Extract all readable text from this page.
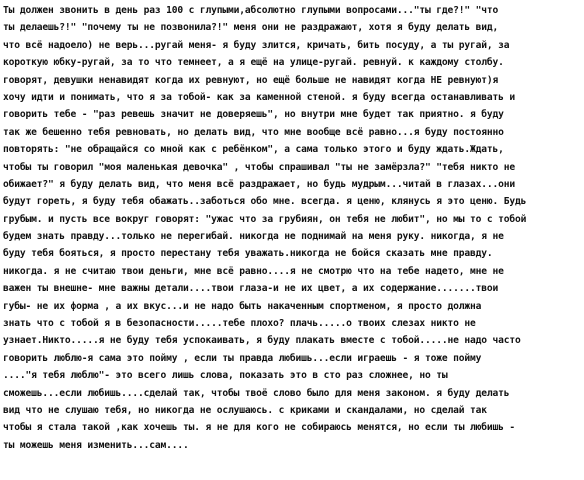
Ты должен звонить в день раз 100 с глупыми,абсолютно глупыми вопросами..."ты где?!" "что
ты делаешь?!" "почему ты не позвонила?!" меня они не раздражают, хотя я буду делать вид,
что всё надоело) не верь...ругай меня- я буду злится, кричать, бить посуду, а ты ругай, за
короткую юбку-ругай, за то что темнеет, а я ещё на улице-ругай. ревнуй. к каждому столбу.
говорят, девушки ненавидят когда их ревнуют, но ещё больше не навидят когда НЕ ревнуют)я
хочу идти и понимать, что я за тобой- как за каменной стеной. я буду всегда останавливать и
говорить тебе - "раз ревешь значит не доверяешь", но внутри мне будет так приятно. я буду
так же бешенно тебя ревновать, но делать вид, что мне вообще всё равно...я буду постоянно
повторять: "не обращайся со мной как с ребёнком", а сама только этого и буду ждать.Ждать,
чтобы ты говорил "моя маленькая девочка" , чтобы спрашивал "ты не замёрзла?" "тебя никто не
обижает?" я буду делать вид, что меня всё раздражает, но будь мудрым...читай в глазах...они
будут гореть, я буду тебя обажать..заботься обо мне. всегда. я ценю, клянусь я это ценю. Будь
грубым. и пусть все вокруг говорят: "ужас что за грубиян, он тебя не любит", но мы то с тобой
будем знать правду...только не перегибай. никогда не поднимай на меня руку. никогда, я не
буду тебя бояться, я просто перестану тебя уважать.никогда не бойся сказать мне правду.
никогда. я не считаю твои деньги, мне всё равно....я не смотрю что на тебе надето, мне не
важен ты внешне- мне важны детали....твои глаза-и не их цвет, а их содержание.......твои
губы- не их форма , а их вкус...и не надо быть накаченным спортменом, я просто должна
знать что с тобой я в безопасности.....тебе плохо? плачь.....о твоих слезах никто не
узнает.Никто.....я не буду тебя успокаивать, я буду плакать вместе с тобой.....не надо часто
говорить люблю-я сама это пойму , если ты правда любишь...если играешь - я тоже пойму
...."я тебя люблю"- это всего лишь слова, показать это в сто раз сложнее, но ты
сможешь...если любишь....сделай так, чтобы твоё слово было для меня законом. я буду делать
вид что не слушаю тебя, но никогда не ослушаюсь. с криками и скандалами, но сделай так
чтобы я стала такой ,как хочешь ты. я не для кого не собираюсь менятся, но если ты любишь -
ты можешь меня изменить...сам....
